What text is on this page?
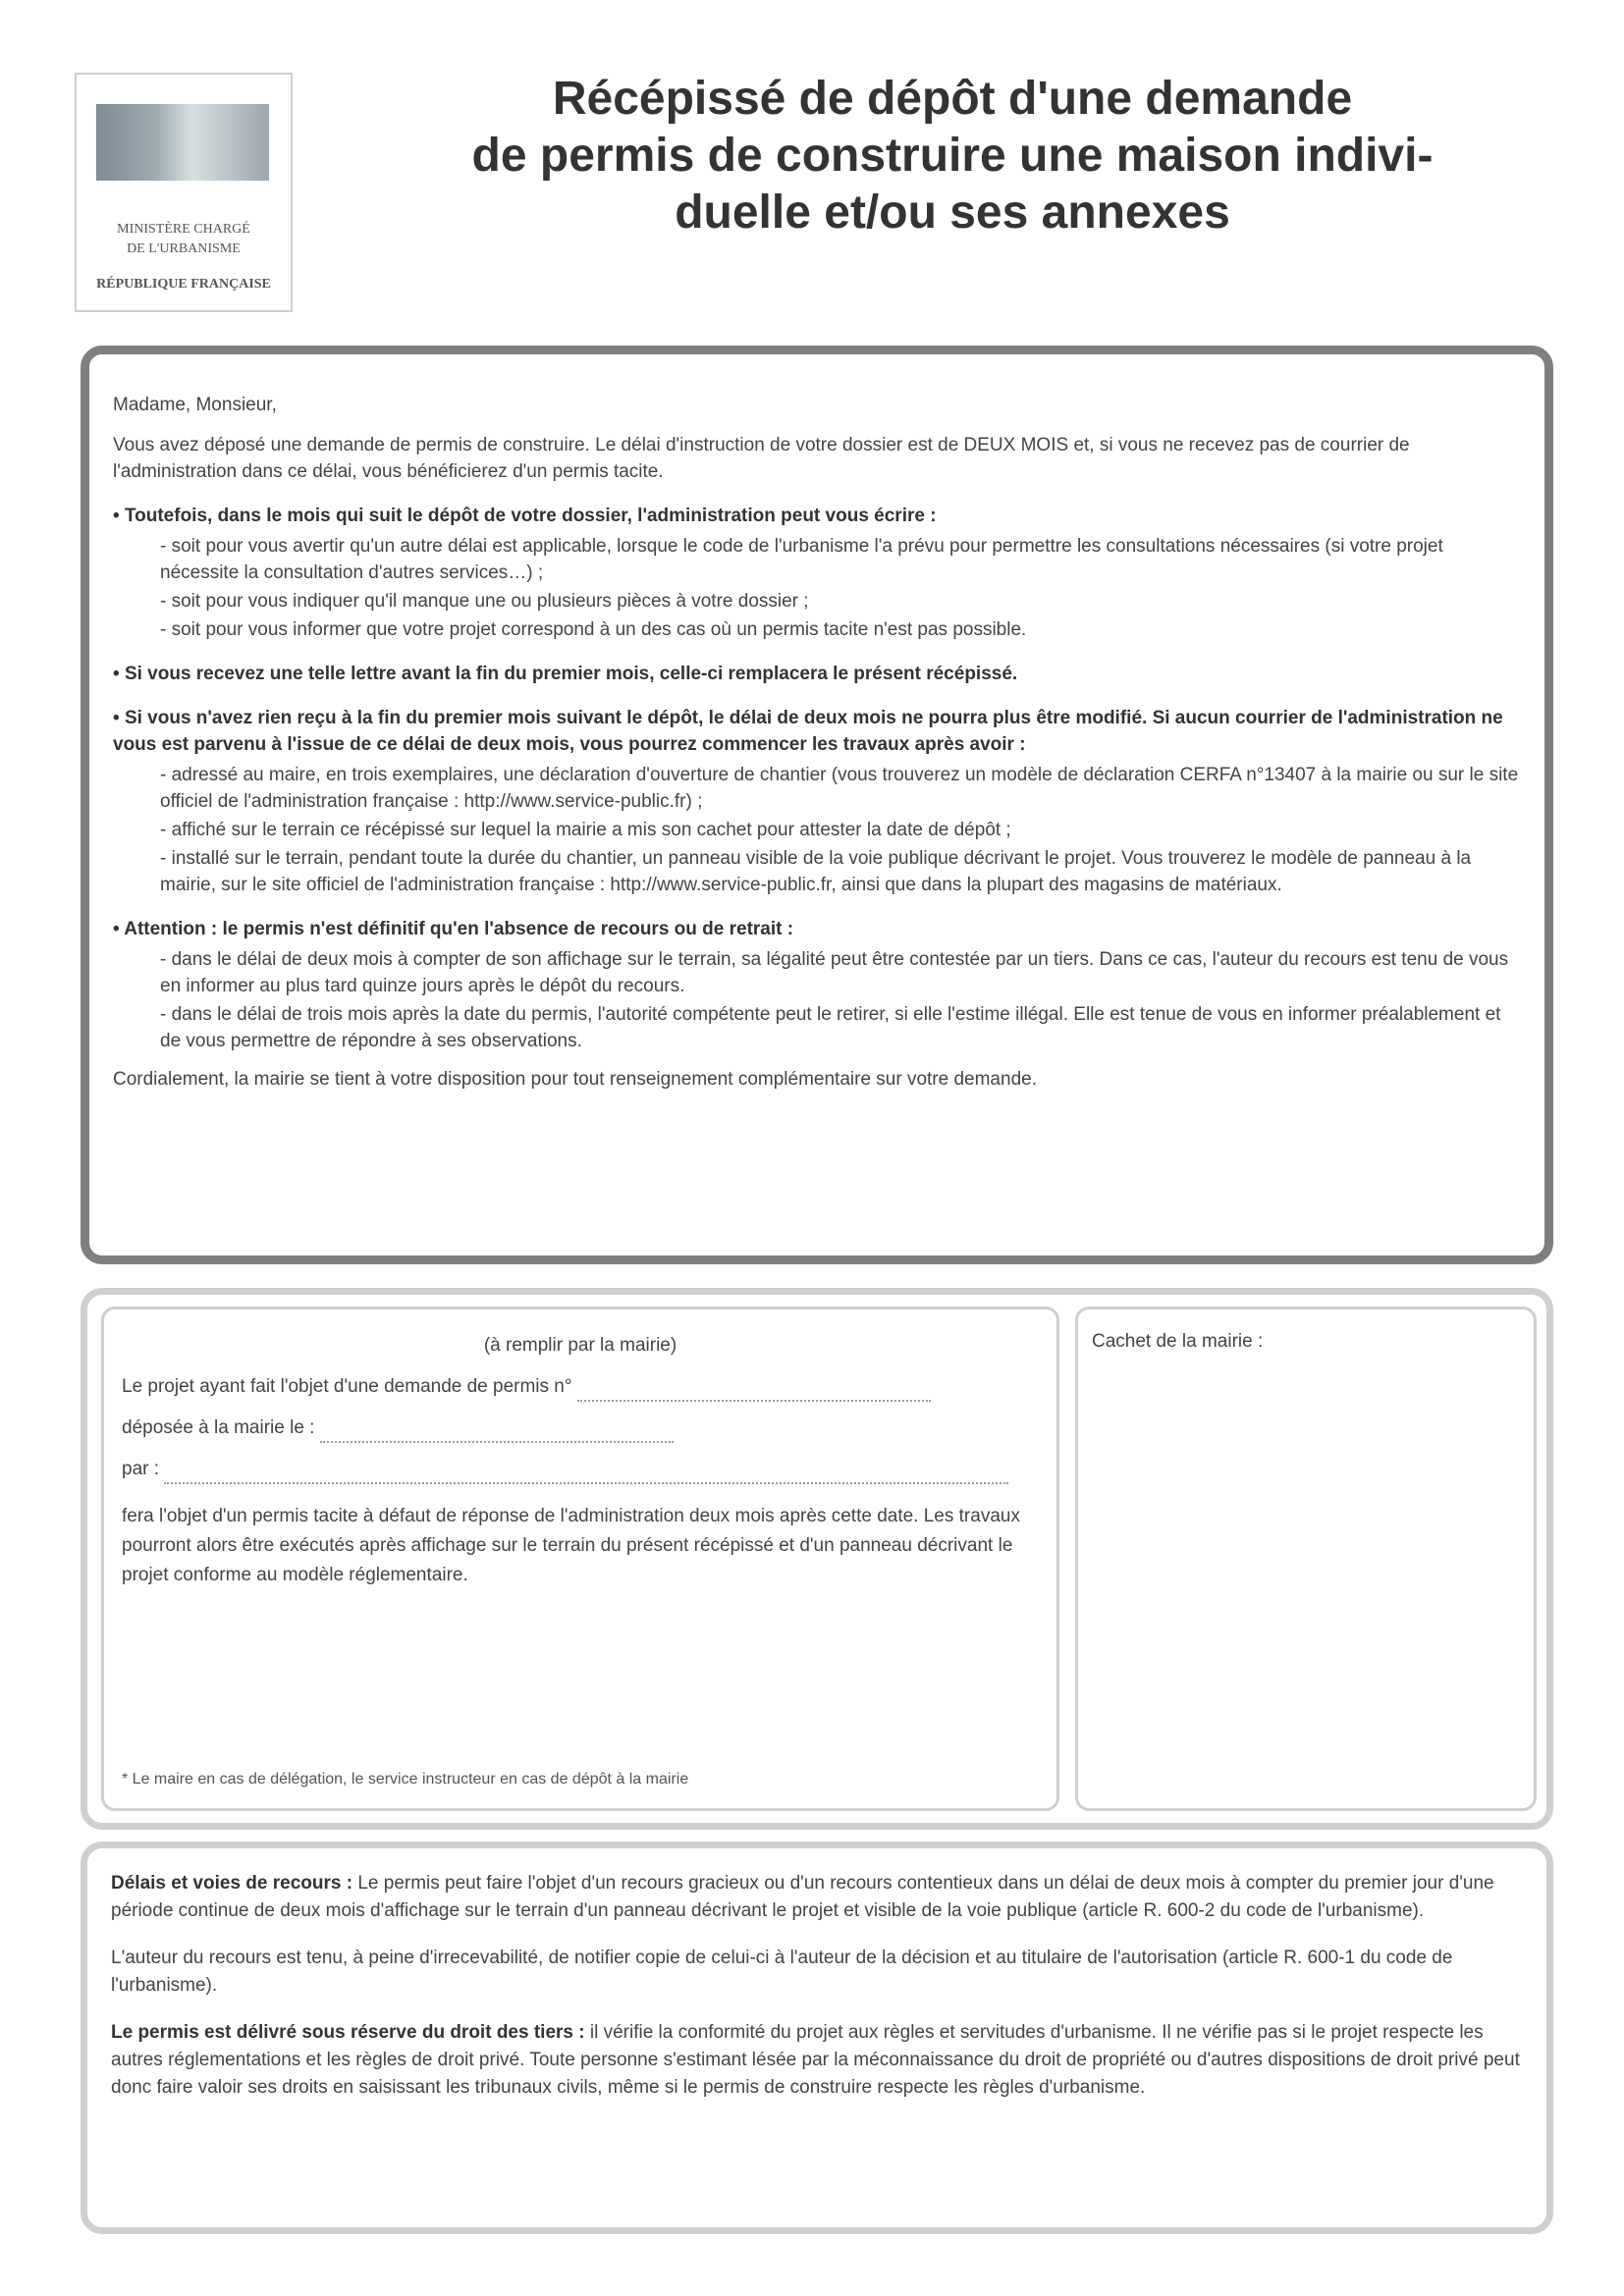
MINISTÈRE CHARGÉ
DE L'URBANISME
RÉPUBLIQUE FRANÇAISE
Récépissé de dépôt d'une demande
de permis de construire une maison indivi-
duelle et/ou ses annexes

Madame, Monsieur,

Vous avez déposé une demande de permis de construire. Le délai d'instruction de votre dossier est de DEUX MOIS et, si vous ne recevez pas de courrier de l'administration dans ce délai, vous bénéficierez d'un permis tacite.

• Toutefois, dans le mois qui suit le dépôt de votre dossier, l'administration peut vous écrire :
- soit pour vous avertir qu'un autre délai est applicable, lorsque le code de l'urbanisme l'a prévu pour permettre les consultations nécessaires (si votre projet nécessite la consultation d'autres services…) ;
- soit pour vous indiquer qu'il manque une ou plusieurs pièces à votre dossier ;
- soit pour vous informer que votre projet correspond à un des cas où un permis tacite n'est pas possible.
• Si vous recevez une telle lettre avant la fin du premier mois, celle-ci remplacera le présent récépissé.
• Si vous n'avez rien reçu à la fin du premier mois suivant le dépôt, le délai de deux mois ne pourra plus être modifié. Si aucun courrier de l'administration ne vous est parvenu à l'issue de ce délai de deux mois, vous pourrez commencer les travaux après avoir :
- adressé au maire, en trois exemplaires, une déclaration d'ouverture de chantier (vous trouverez un modèle de déclaration CERFA n°13407 à la mairie ou sur le site officiel de l'administration française : http://www.service-public.fr) ;
- affiché sur le terrain ce récépissé sur lequel la mairie a mis son cachet pour attester la date de dépôt ;
- installé sur le terrain, pendant toute la durée du chantier, un panneau visible de la voie publique décrivant le projet. Vous trouverez le modèle de panneau à la mairie, sur le site officiel de l'administration française : http://www.service-public.fr, ainsi que dans la plupart des magasins de matériaux.
• Attention : le permis n'est définitif qu'en l'absence de recours ou de retrait :
- dans le délai de deux mois à compter de son affichage sur le terrain, sa légalité peut être contestée par un tiers. Dans ce cas, l'auteur du recours est tenu de vous en informer au plus tard quinze jours après le dépôt du recours.
- dans le délai de trois mois après la date du permis, l'autorité compétente peut le retirer, si elle l'estime illégal. Elle est tenue de vous en informer préalablement et de vous permettre de répondre à ses observations.

Cordialement, la mairie se tient à votre disposition pour tout renseignement complémentaire sur votre demande.

(à remplir par la mairie)

Le projet ayant fait l'objet d'une demande de permis n°

déposée à la mairie le :

par :

fera l'objet d'un permis tacite à défaut de réponse de l'administration deux mois après cette date. Les travaux pourront alors être exécutés après affichage sur le terrain du présent récépissé et d'un panneau décrivant le projet conforme au modèle réglementaire.

* Le maire en cas de délégation, le service instructeur en cas de dépôt à la mairie
Cachet de la mairie :

Délais et voies de recours : Le permis peut faire l'objet d'un recours gracieux ou d'un recours contentieux dans un délai de deux mois à compter du premier jour d'une période continue de deux mois d'affichage sur le terrain d'un panneau décrivant le projet et visible de la voie publique (article R. 600-2 du code de l'urbanisme).

L'auteur du recours est tenu, à peine d'irrecevabilité, de notifier copie de celui-ci à l'auteur de la décision et au titulaire de l'autorisation (article R. 600-1 du code de l'urbanisme).

Le permis est délivré sous réserve du droit des tiers : il vérifie la conformité du projet aux règles et servitudes d'urbanisme. Il ne vérifie pas si le projet respecte les autres réglementations et les règles de droit privé. Toute personne s'estimant lésée par la méconnaissance du droit de propriété ou d'autres dispositions de droit privé peut donc faire valoir ses droits en saisissant les tribunaux civils, même si le permis de construire respecte les règles d'urbanisme.
